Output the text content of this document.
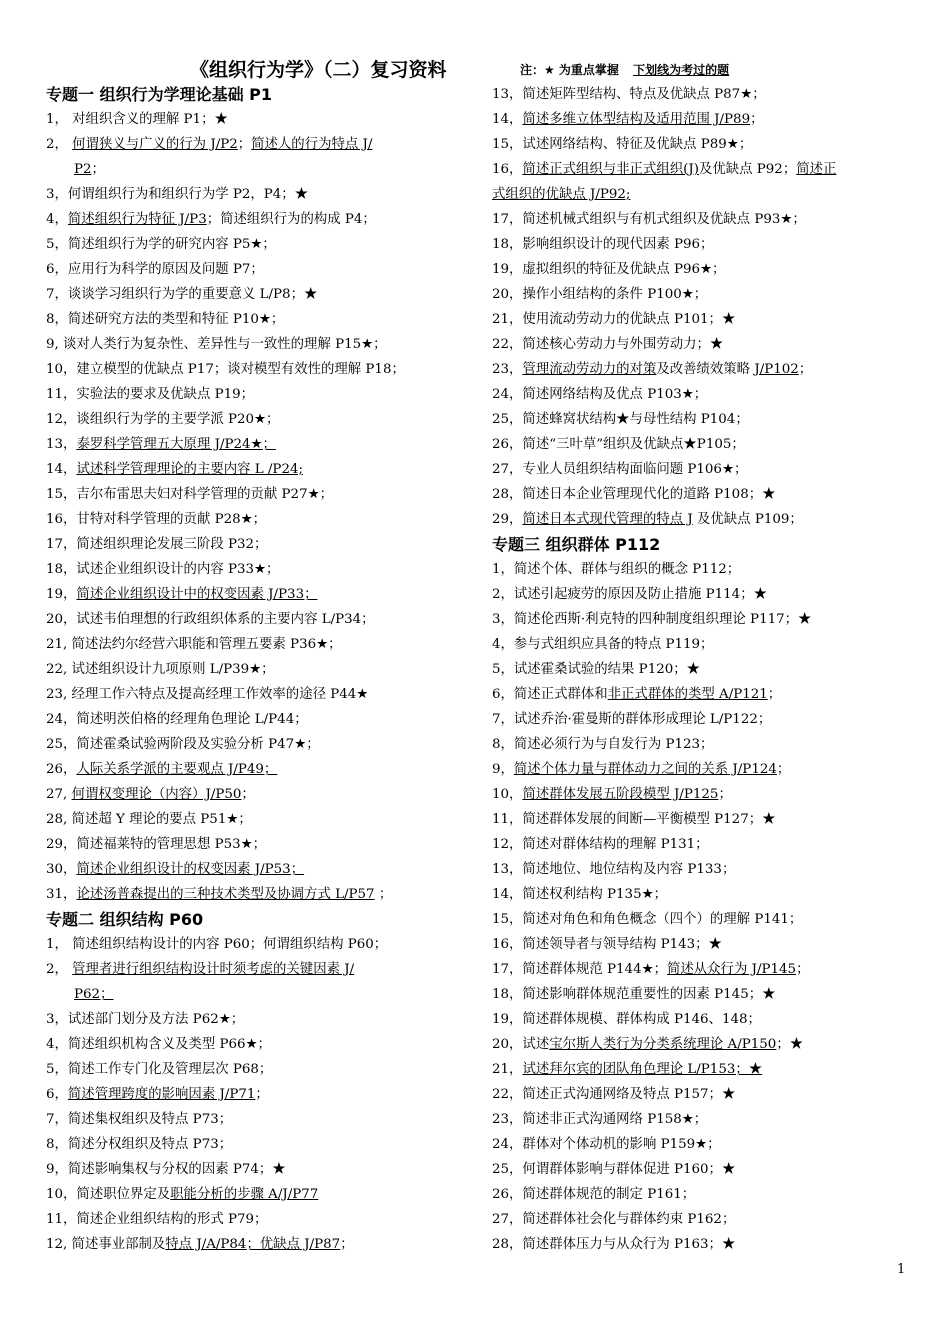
《组织行为学》（二）复习资料	注：★ 为重点掌握 下划线为考过的题
专题一 组织行为学理论基础 P1
1， 对组织含义的理解 P1；★
2， 何谓狭义与广义的行为 J/P2；简述人的行为特点 J/
P2；
3，何谓组织行为和组织行为学 P2，P4；★
4，简述组织行为特征 J/P3；简述组织行为的构成 P4；
5，简述组织行为学的研究内容 P5★；
6，应用行为科学的原因及问题 P7；
7，谈谈学习组织行为学的重要意义 L/P8；★
8，简述研究方法的类型和特征 P10★；
9, 谈对人类行为复杂性、差异性与一致性的理解 P15★；
10，建立模型的优缺点 P17；谈对模型有效性的理解 P18；
11，实验法的要求及优缺点 P19；
12，谈组织行为学的主要学派 P20★；
13，泰罗科学管理五大原理 J/P24★；
14，试述科学管理理论的主要内容 L /P24;
15，吉尔布雷思夫妇对科学管理的贡献 P27★；
16，甘特对科学管理的贡献 P28★；
17，简述组织理论发展三阶段 P32；
18，试述企业组织设计的内容 P33★；
19，简述企业组织设计中的权变因素 J/P33；
20，试述韦伯理想的行政组织体系的主要内容 L/P34；
21, 简述法约尔经营六职能和管理五要素 P36★；
22, 试述组织设计九项原则 L/P39★；
23, 经理工作六特点及提高经理工作效率的途径 P44★
24，简述明茨伯格的经理角色理论 L/P44；
25，简述霍桑试验两阶段及实验分析 P47★；
26，人际关系学派的主要观点 J/P49；
27, 何谓权变理论（内容）J/P50；
28, 简述超 Y 理论的要点 P51★；
29，简述福莱特的管理思想 P53★；
30，简述企业组织设计的权变因素 J/P53；
31，论述汤普森提出的三种技术类型及协调方式 L/P57 ；
专题二 组织结构 P60
1， 简述组织结构设计的内容 P60；何谓组织结构 P60；
2， 管理者进行组织结构设计时须考虑的关键因素 J/
P62；
3，试述部门划分及方法 P62★；
4，简述组织机构含义及类型 P66★；
5，简述工作专门化及管理层次 P68；
6，简述管理跨度的影响因素 J/P71；
7，简述集权组织及特点 P73；
8，简述分权组织及特点 P73；
9，简述影响集权与分权的因素 P74；★
10，简述职位界定及职能分析的步骤 A/J/P77
11，简述企业组织结构的形式 P79；
12, 简述事业部制及特点 J/A/P84；优缺点 J/P87；
13，简述矩阵型结构、特点及优缺点 P87★；
14，简述多维立体型结构及适用范围 J/P89；
15，试述网络结构、特征及优缺点 P89★；
16，简述正式组织与非正式组织(J)及优缺点 P92；简述正
式组织的优缺点 J/P92;
17，简述机械式组织与有机式组织及优缺点 P93★；
18，影响组织设计的现代因素 P96；
19，虚拟组织的特征及优缺点 P96★；
20，操作小组结构的条件 P100★；
21，使用流动劳动力的优缺点 P101；★
22，简述核心劳动力与外围劳动力；★
23，管理流动劳动力的对策及改善绩效策略 J/P102；
24，简述网络结构及优点 P103★；
25，简述蜂窝状结构★与母性结构 P104；
26，简述“三叶草”组织及优缺点★P105；
27，专业人员组织结构面临问题 P106★；
28，简述日本企业管理现代化的道路 P108；★
29，简述日本式现代管理的特点 J 及优缺点 P109；
专题三 组织群体 P112
1，简述个体、群体与组织的概念 P112；
2，试述引起疲劳的原因及防止措施 P114；★
3，简述伦西斯·利克特的四种制度组织理论 P117；★
4，参与式组织应具备的特点 P119；
5，试述霍桑试验的结果 P120；★
6，简述正式群体和非正式群体的类型 A/P121；
7，试述乔治·霍曼斯的群体形成理论 L/P122；
8，简述必须行为与自发行为 P123；
9，简述个体力量与群体动力之间的关系 J/P124；
10，简述群体发展五阶段模型 J/P125；
11，简述群体发展的间断—平衡模型 P127；★
12，简述对群体结构的理解 P131；
13，简述地位、地位结构及内容 P133；
14，简述权利结构 P135★；
15，简述对角色和角色概念（四个）的理解 P141；
16，简述领导者与领导结构 P143；★
17，简述群体规范 P144★；简述从众行为 J/P145；
18，简述影响群体规范重要性的因素 P145；★
19，简述群体规模、群体构成 P146、148；
20，试述宝尔斯人类行为分类系统理论 A/P150；★
21，试述拜尔宾的团队角色理论 L/P153；★
22，简述正式沟通网络及特点 P157；★
23，简述非正式沟通网络 P158★；
24，群体对个体动机的影响 P159★；
25，何谓群体影响与群体促进 P160；★
26，简述群体规范的制定 P161；
27，简述群体社会化与群体约束 P162；
28，简述群体压力与从众行为 P163；★
1
